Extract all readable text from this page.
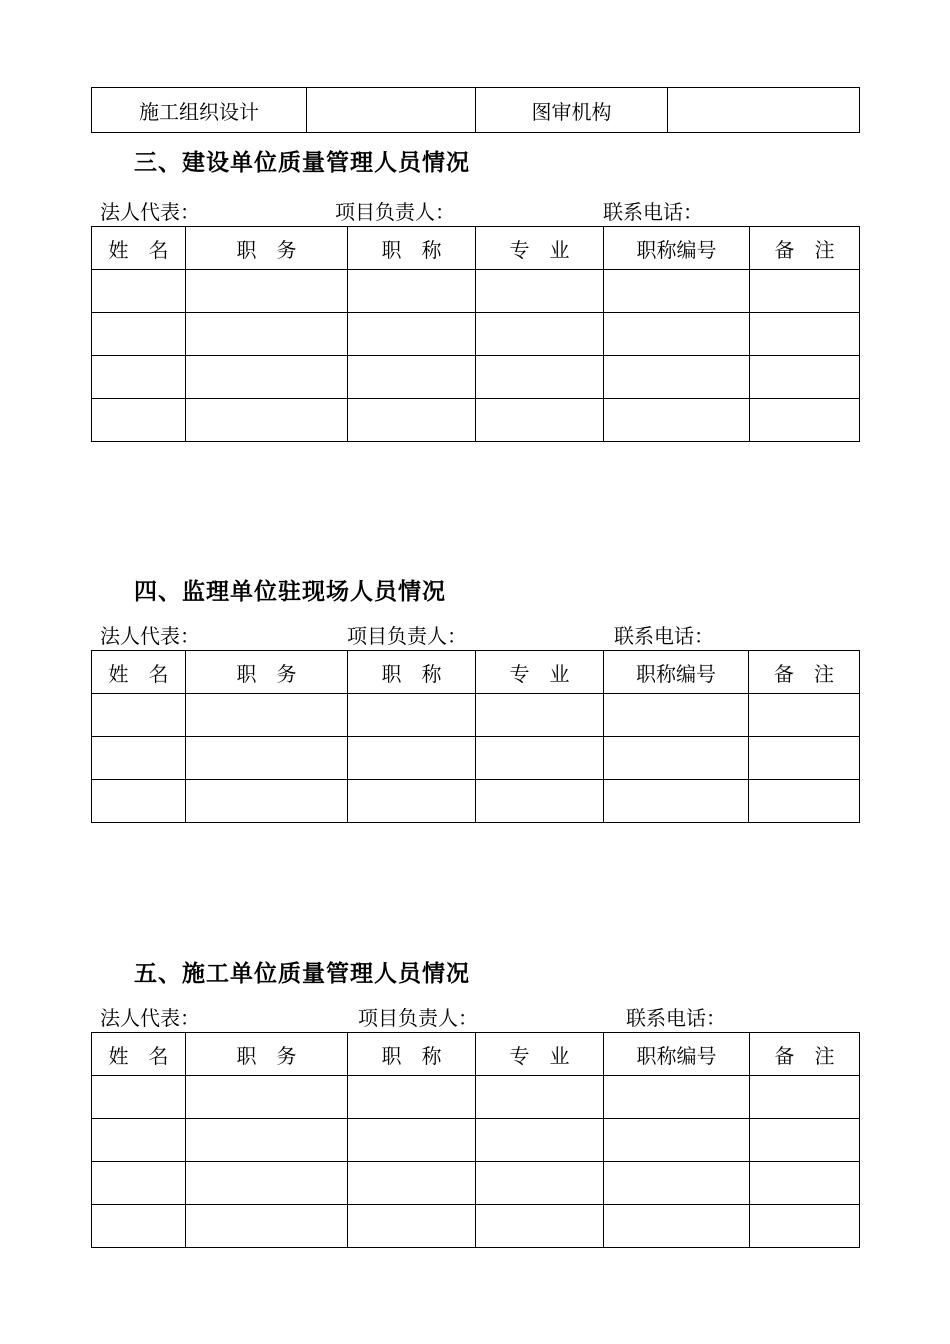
施工组织设计		图审机构	
三、建设单位质量管理人员情况
法人代表：	项目负责人：	联系电话：
姓　名	职　务	职　称	专　业	职称编号	备　注

四、监理单位驻现场人员情况
法人代表：	项目负责人：	联系电话：
姓　名	职　务	职　称	专　业	职称编号	备　注

五、施工单位质量管理人员情况
法人代表：	项目负责人：	联系电话：
姓　名	职　务	职　称	专　业	职称编号	备　注
